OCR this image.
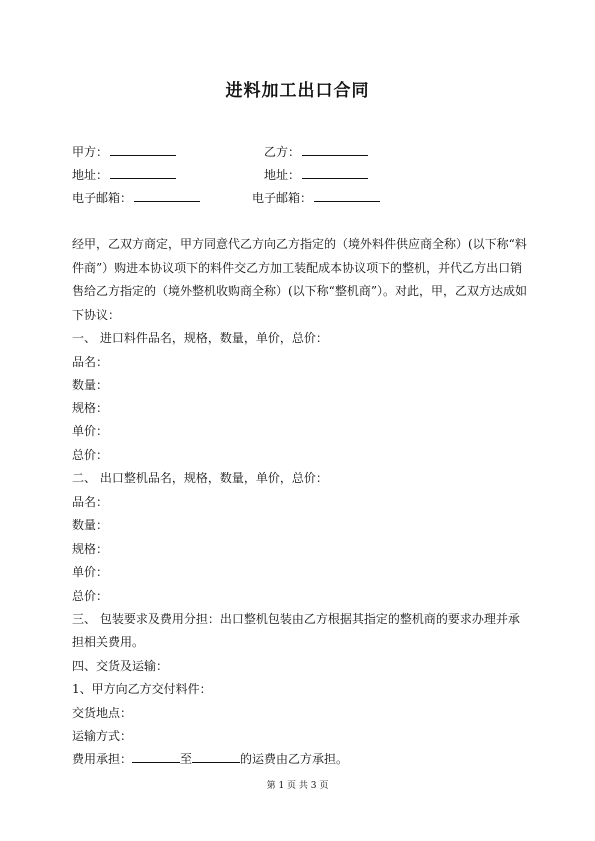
进料加工出口合同
甲方：	乙方：
地址：	地址：
电子邮箱：	电子邮箱：
经甲，乙双方商定，甲方同意代乙方向乙方指定的（境外料件供应商全称）(以下称“料件商”）购进本协议项下的料件交乙方加工装配成本协议项下的整机，并代乙方出口销售给乙方指定的（境外整机收购商全称）(以下称“整机商”）。对此，甲，乙双方达成如下协议：
一、 进口料件品名，规格，数量，单价，总价：
品名：
数量：
规格：
单价：
总价：
二、 出口整机品名，规格，数量，单价，总价：
品名：
数量：
规格：
单价：
总价：
三、 包装要求及费用分担：出口整机包装由乙方根据其指定的整机商的要求办理并承
担相关费用。
四、交货及运输：
1、甲方向乙方交付料件：
交货地点：
运输方式：
费用承担：	至	的运费由乙方承担。
第 1 页 共 3 页
